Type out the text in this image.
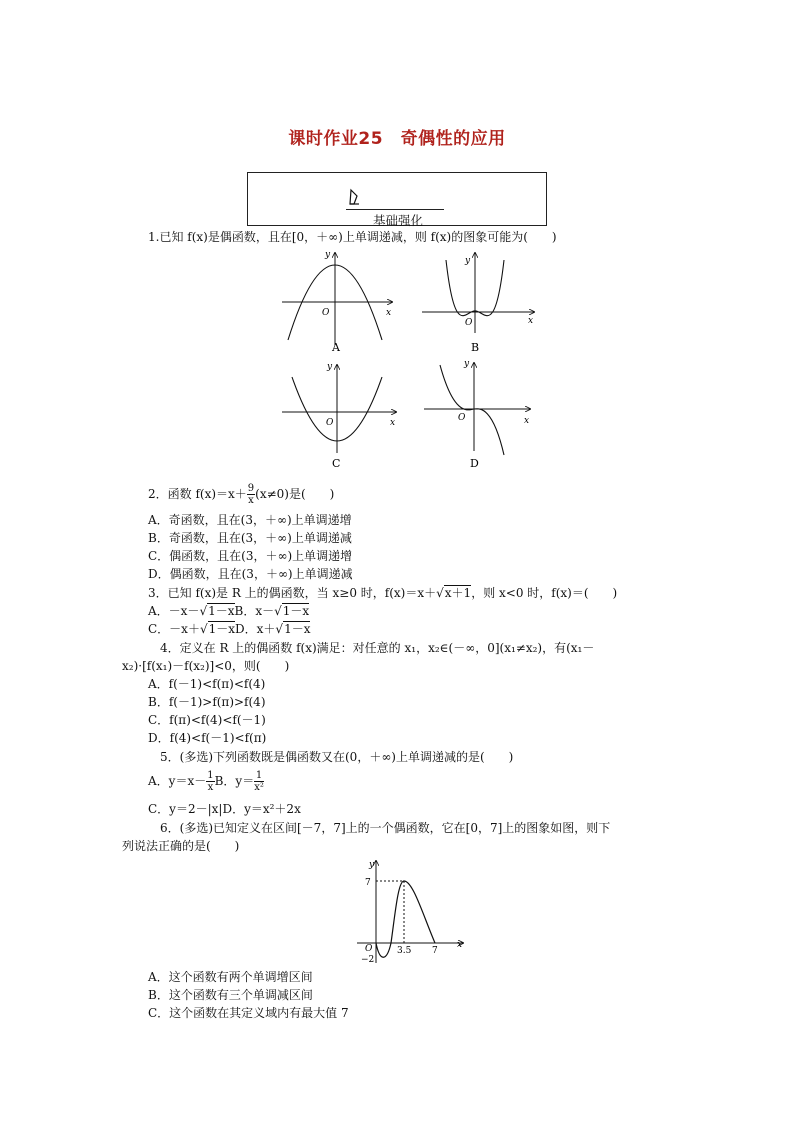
课时作业25　奇偶性的应用
基础强化
1.已知 f(x)是偶函数，且在[0，＋∞)上单调递减，则 f(x)的图象可能为(　　)
O	x
y
A
O	x
y
B
O	x
y
C
O	x
y
D
2．函数 $f(x)=x+ \frac{9}{x} (x\ne 0)$是(　　)
A．奇函数，且在(3，＋∞)上单调递增
B．奇函数，且在(3，＋∞)上单调递减
C．偶函数，且在(3，＋∞)上单调递增
D．偶函数，且在(3，＋∞)上单调递减
3．已知 f(x)是 R 上的偶函数，当 x≥0 时，f(x)＝x＋√x＋1，则 x<0 时，f(x)＝(　　)
A．－x－√1－xB．x－√1－x
C．－x＋√1－xD．x＋√1－x
4．定义在 R 上的偶函数 f(x)满足：对任意的 x₁，x₂∈(－∞，0](x₁≠x₂)，有(x₁－
x₂)·[f(x₁)－f(x₂)]<0，则(　　)
A．f(－1)<f(π)<f(4)
B．f(－1)>f(π)>f(4)
C．f(π)<f(4)<f(－1)
D．f(4)<f(－1)<f(π)
5．(多选)下列函数既是偶函数又在(0，＋∞)上单调递减的是(　　)
A．$y=x- \frac{1}{x}$ B．$y= \frac{1}{\text{x²}}$
C．y＝2－|x|D．y＝x²＋2x
6．(多选)已知定义在区间[－7，7]上的一个偶函数，它在[0，7]上的图象如图，则下
列说法正确的是(　　)
y
x
O
7
−2
3.5 7
A．这个函数有两个单调增区间
B．这个函数有三个单调减区间
C．这个函数在其定义域内有最大值 7
